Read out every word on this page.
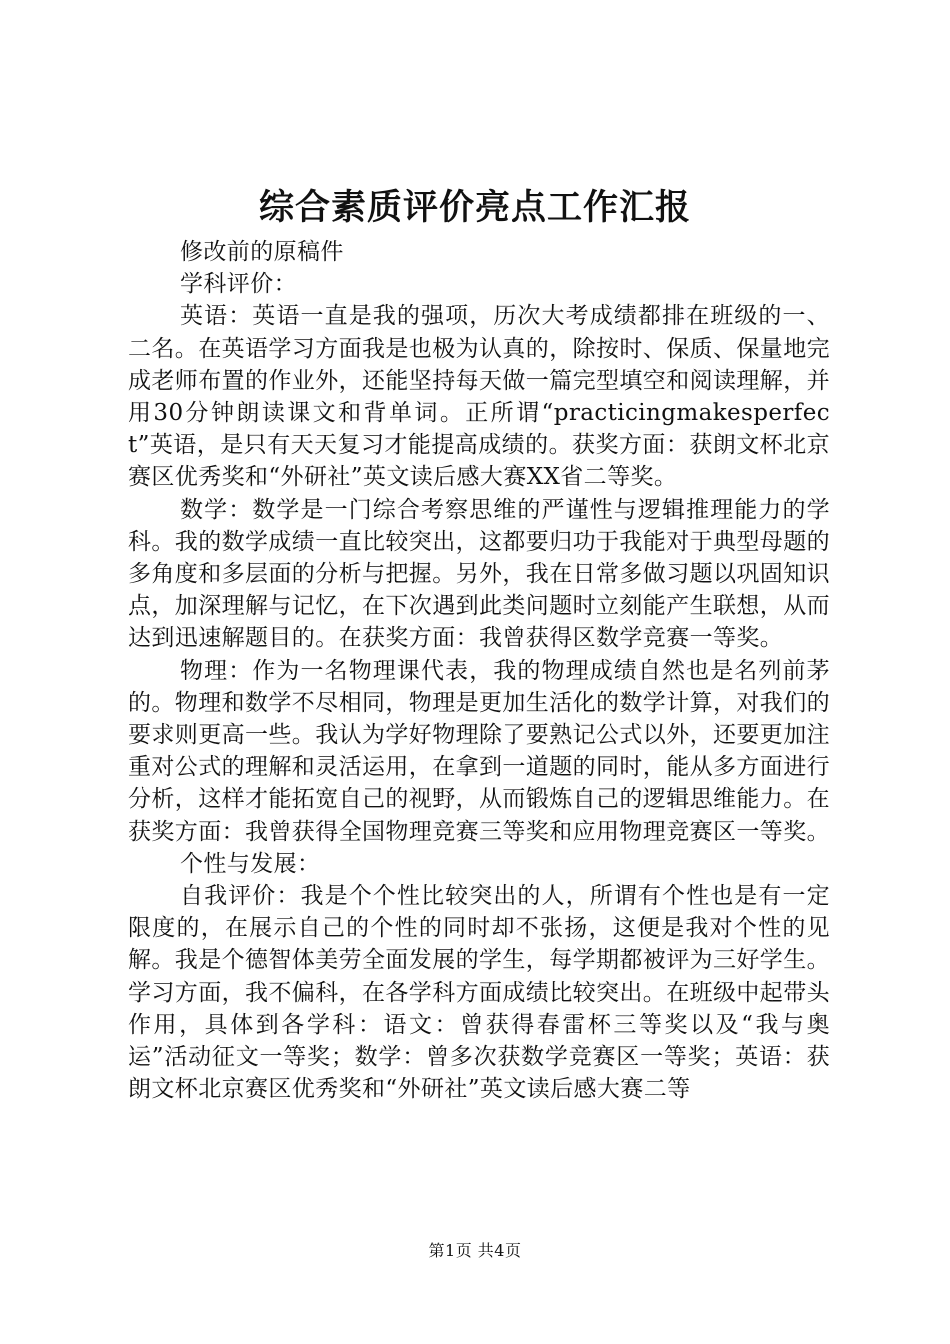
综合素质评价亮点工作汇报

修改前的原稿件

学科评价：

英语：英语一直是我的强项，历次大考成绩都排在班级的一、二名。在英语学习方面我是也极为认真的，除按时、保质、保量地完成老师布置的作业外，还能坚持每天做一篇完型填空和阅读理解，并用30分钟朗读课文和背单词。正所谓“practicingmakesperfect”英语，是只有天天复习才能提高成绩的。获奖方面：获朗文杯北京赛区优秀奖和“外研社”英文读后感大赛XX省二等奖。

数学：数学是一门综合考察思维的严谨性与逻辑推理能力的学科。我的数学成绩一直比较突出，这都要归功于我能对于典型母题的多角度和多层面的分析与把握。另外，我在日常多做习题以巩固知识点，加深理解与记忆，在下次遇到此类问题时立刻能产生联想，从而达到迅速解题目的。在获奖方面：我曾获得区数学竞赛一等奖。

物理：作为一名物理课代表，我的物理成绩自然也是名列前茅的。物理和数学不尽相同，物理是更加生活化的数学计算，对我们的要求则更高一些。我认为学好物理除了要熟记公式以外，还要更加注重对公式的理解和灵活运用，在拿到一道题的同时，能从多方面进行分析，这样才能拓宽自己的视野，从而锻炼自己的逻辑思维能力。在获奖方面：我曾获得全国物理竞赛三等奖和应用物理竞赛区一等奖。

个性与发展：

自我评价：我是个个性比较突出的人，所谓有个性也是有一定限度的，在展示自己的个性的同时却不张扬，这便是我对个性的见解。我是个德智体美劳全面发展的学生，每学期都被评为三好学生。学习方面，我不偏科，在各学科方面成绩比较突出。在班级中起带头作用，具体到各学科：语文：曾获得春雷杯三等奖以及“我与奥运”活动征文一等奖；数学：曾多次获数学竞赛区一等奖；英语：获朗文杯北京赛区优秀奖和“外研社”英文读后感大赛二等

第1页 共4页
